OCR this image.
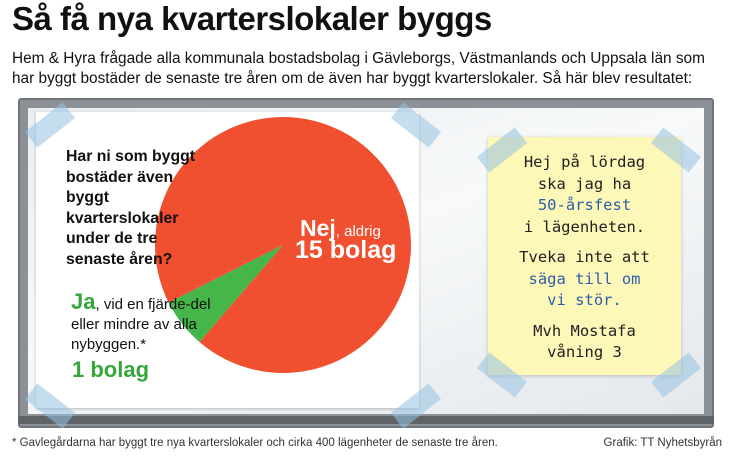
Så få nya kvarterslokaler byggs
Hem & Hyra frågade alla kommunala bostadsbolag i Gävleborgs, Västmanlands och Uppsala län som har byggt bostäder de senaste tre åren om de även har byggt kvarterslokaler. Så här blev resultatet:
Har ni som byggt bostäder även byggt kvarterslokaler under de tre senaste åren?
Nej, aldrig
15 bolag
Ja, vid en fjärde-del eller mindre av alla nybyggen.*
1 bolag
Hej på lördag
ska jag ha
50-årsfest
i lägenheten.
Tveka inte att
säga till om
vi stör.
Mvh Mostafa
våning 3
* Gavlegårdarna har byggt tre nya kvarterslokaler och cirka 400 lägenheter de senaste tre åren.	Grafik: TT Nyhetsbyrån
